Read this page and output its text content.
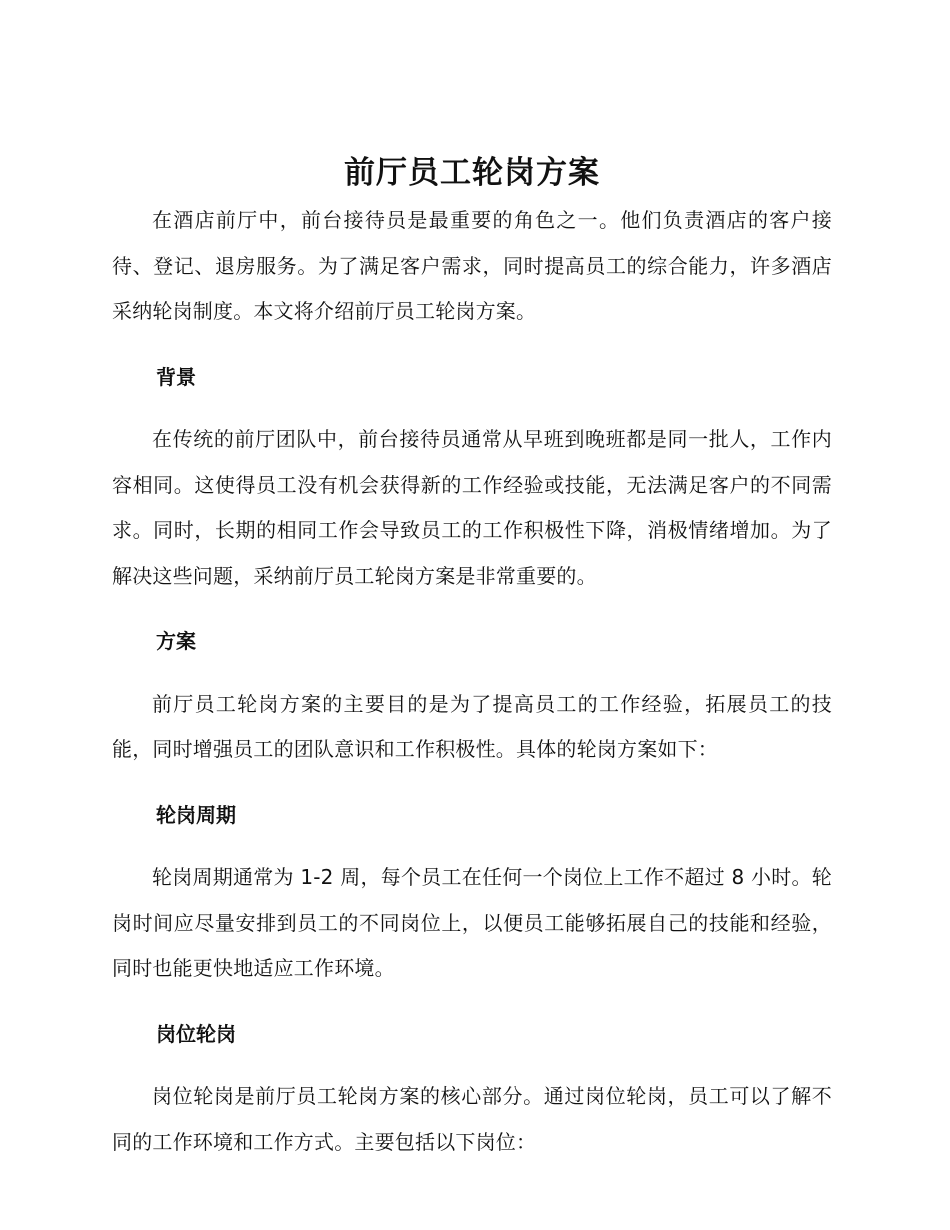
前厅员工轮岗方案

在酒店前厅中，前台接待员是最重要的角色之一。他们负责酒店的客户接待、登记、退房服务。为了满足客户需求，同时提高员工的综合能力，许多酒店采纳轮岗制度。本文将介绍前厅员工轮岗方案。

背景

在传统的前厅团队中，前台接待员通常从早班到晚班都是同一批人，工作内容相同。这使得员工没有机会获得新的工作经验或技能，无法满足客户的不同需求。同时，长期的相同工作会导致员工的工作积极性下降，消极情绪增加。为了解决这些问题，采纳前厅员工轮岗方案是非常重要的。

方案

前厅员工轮岗方案的主要目的是为了提高员工的工作经验，拓展员工的技能，同时增强员工的团队意识和工作积极性。具体的轮岗方案如下：

轮岗周期

轮岗周期通常为 1-2 周，每个员工在任何一个岗位上工作不超过 8 小时。轮岗时间应尽量安排到员工的不同岗位上，以便员工能够拓展自己的技能和经验，同时也能更快地适应工作环境。

岗位轮岗

岗位轮岗是前厅员工轮岗方案的核心部分。通过岗位轮岗，员工可以了解不同的工作环境和工作方式。主要包括以下岗位：
